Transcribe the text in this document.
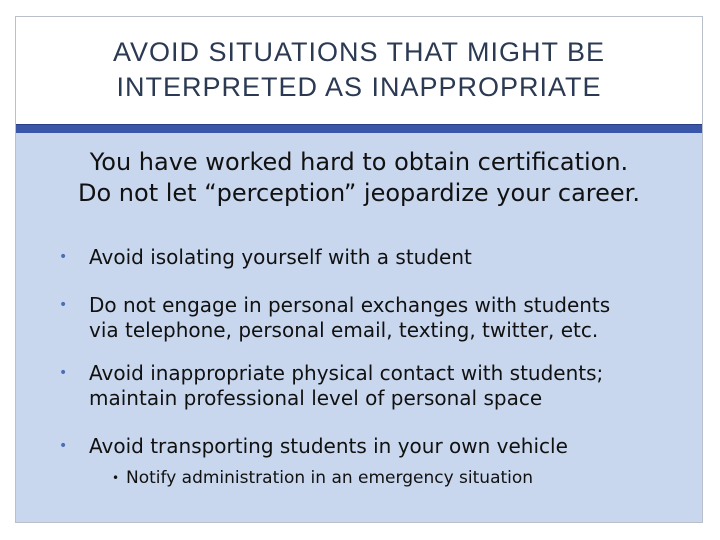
AVOID SITUATIONS THAT MIGHT BE
INTERPRETED AS INAPPROPRIATE

You have worked hard to obtain certification.
Do not let “perception” jeopardize your career.

• Avoid isolating yourself with a student
• Do not engage in personal exchanges with students
via telephone, personal email, texting, twitter, etc.
• Avoid inappropriate physical contact with students;
maintain professional level of personal space
• Avoid transporting students in your own vehicle
• Notify administration in an emergency situation
